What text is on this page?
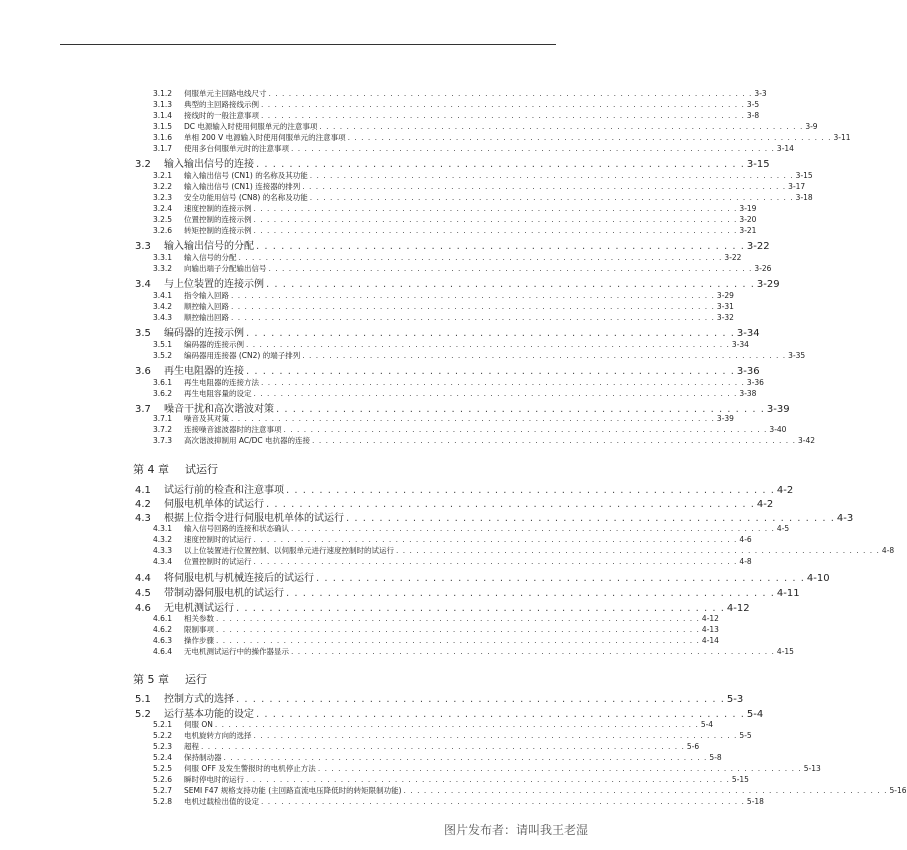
3.1.2	伺服单元主回路电线尺寸 . . . . . . . . . . . . . . . . . . . . . . . . . . . . . . . . . . . . . . . . . . . . . . . . . . . . . . . . . . . . . . . . . . . . . . . . 3-3
3.1.3	典型的主回路接线示例 . . . . . . . . . . . . . . . . . . . . . . . . . . . . . . . . . . . . . . . . . . . . . . . . . . . . . . . . . . . . . . . . . . . . . . . . 3-5
3.1.4	接线时的一般注意事项 . . . . . . . . . . . . . . . . . . . . . . . . . . . . . . . . . . . . . . . . . . . . . . . . . . . . . . . . . . . . . . . . . . . . . . . . 3-8
3.1.5	DC 电源输入时使用伺服单元的注意事项 . . . . . . . . . . . . . . . . . . . . . . . . . . . . . . . . . . . . . . . . . . . . . . . . . . . . . . . . . . . . . . . . . . . . . . . . 3-9
3.1.6	单相 200 V 电源输入时使用伺服单元的注意事项 . . . . . . . . . . . . . . . . . . . . . . . . . . . . . . . . . . . . . . . . . . . . . . . . . . . . . . . . . . . . . . . . . . . . . . . . 3-11
3.1.7	使用多台伺服单元时的注意事项 . . . . . . . . . . . . . . . . . . . . . . . . . . . . . . . . . . . . . . . . . . . . . . . . . . . . . . . . . . . . . . . . . . . . . . . . 3-14
3.2	输入输出信号的连接 . . . . . . . . . . . . . . . . . . . . . . . . . . . . . . . . . . . . . . . . . . . . . . . . . . . . . . . . . . . 3-15
3.2.1	输入输出信号 (CN1) 的名称及其功能 . . . . . . . . . . . . . . . . . . . . . . . . . . . . . . . . . . . . . . . . . . . . . . . . . . . . . . . . . . . . . . . . . . . . . . . . 3-15
3.2.2	输入输出信号 (CN1) 连接器的排列 . . . . . . . . . . . . . . . . . . . . . . . . . . . . . . . . . . . . . . . . . . . . . . . . . . . . . . . . . . . . . . . . . . . . . . . . 3-17
3.2.3	安全功能用信号 (CN8) 的名称及功能 . . . . . . . . . . . . . . . . . . . . . . . . . . . . . . . . . . . . . . . . . . . . . . . . . . . . . . . . . . . . . . . . . . . . . . . . 3-18
3.2.4	速度控制的连接示例 . . . . . . . . . . . . . . . . . . . . . . . . . . . . . . . . . . . . . . . . . . . . . . . . . . . . . . . . . . . . . . . . . . . . . . . . 3-19
3.2.5	位置控制的连接示例 . . . . . . . . . . . . . . . . . . . . . . . . . . . . . . . . . . . . . . . . . . . . . . . . . . . . . . . . . . . . . . . . . . . . . . . . 3-20
3.2.6	转矩控制的连接示例 . . . . . . . . . . . . . . . . . . . . . . . . . . . . . . . . . . . . . . . . . . . . . . . . . . . . . . . . . . . . . . . . . . . . . . . . 3-21
3.3	输入输出信号的分配 . . . . . . . . . . . . . . . . . . . . . . . . . . . . . . . . . . . . . . . . . . . . . . . . . . . . . . . . . . . 3-22
3.3.1	输入信号的分配 . . . . . . . . . . . . . . . . . . . . . . . . . . . . . . . . . . . . . . . . . . . . . . . . . . . . . . . . . . . . . . . . . . . . . . . . 3-22
3.3.2	向输出端子分配输出信号 . . . . . . . . . . . . . . . . . . . . . . . . . . . . . . . . . . . . . . . . . . . . . . . . . . . . . . . . . . . . . . . . . . . . . . . . 3-26
3.4	与上位装置的连接示例 . . . . . . . . . . . . . . . . . . . . . . . . . . . . . . . . . . . . . . . . . . . . . . . . . . . . . . . . . . . 3-29
3.4.1	指令输入回路 . . . . . . . . . . . . . . . . . . . . . . . . . . . . . . . . . . . . . . . . . . . . . . . . . . . . . . . . . . . . . . . . . . . . . . . . 3-29
3.4.2	顺控输入回路 . . . . . . . . . . . . . . . . . . . . . . . . . . . . . . . . . . . . . . . . . . . . . . . . . . . . . . . . . . . . . . . . . . . . . . . . 3-31
3.4.3	顺控输出回路 . . . . . . . . . . . . . . . . . . . . . . . . . . . . . . . . . . . . . . . . . . . . . . . . . . . . . . . . . . . . . . . . . . . . . . . . 3-32
3.5	编码器的连接示例 . . . . . . . . . . . . . . . . . . . . . . . . . . . . . . . . . . . . . . . . . . . . . . . . . . . . . . . . . . . 3-34
3.5.1	编码器的连接示例 . . . . . . . . . . . . . . . . . . . . . . . . . . . . . . . . . . . . . . . . . . . . . . . . . . . . . . . . . . . . . . . . . . . . . . . . 3-34
3.5.2	编码器用连接器 (CN2) 的端子排列 . . . . . . . . . . . . . . . . . . . . . . . . . . . . . . . . . . . . . . . . . . . . . . . . . . . . . . . . . . . . . . . . . . . . . . . . 3-35
3.6	再生电阻器的连接 . . . . . . . . . . . . . . . . . . . . . . . . . . . . . . . . . . . . . . . . . . . . . . . . . . . . . . . . . . . 3-36
3.6.1	再生电阻器的连接方法 . . . . . . . . . . . . . . . . . . . . . . . . . . . . . . . . . . . . . . . . . . . . . . . . . . . . . . . . . . . . . . . . . . . . . . . . 3-36
3.6.2	再生电阻容量的设定 . . . . . . . . . . . . . . . . . . . . . . . . . . . . . . . . . . . . . . . . . . . . . . . . . . . . . . . . . . . . . . . . . . . . . . . . 3-38
3.7	噪音干扰和高次谐波对策 . . . . . . . . . . . . . . . . . . . . . . . . . . . . . . . . . . . . . . . . . . . . . . . . . . . . . . . . . . . 3-39
3.7.1	噪音及其对策 . . . . . . . . . . . . . . . . . . . . . . . . . . . . . . . . . . . . . . . . . . . . . . . . . . . . . . . . . . . . . . . . . . . . . . . . 3-39
3.7.2	连接噪音滤波器时的注意事项 . . . . . . . . . . . . . . . . . . . . . . . . . . . . . . . . . . . . . . . . . . . . . . . . . . . . . . . . . . . . . . . . . . . . . . . . 3-40
3.7.3	高次谐波抑制用 AC/DC 电抗器的连接 . . . . . . . . . . . . . . . . . . . . . . . . . . . . . . . . . . . . . . . . . . . . . . . . . . . . . . . . . . . . . . . . . . . . . . . . 3-42
第 4 章 试运行
4.1	试运行前的检查和注意事项 . . . . . . . . . . . . . . . . . . . . . . . . . . . . . . . . . . . . . . . . . . . . . . . . . . . . . . . . . . . 4-2
4.2	伺服电机单体的试运行 . . . . . . . . . . . . . . . . . . . . . . . . . . . . . . . . . . . . . . . . . . . . . . . . . . . . . . . . . . . 4-2
4.3	根据上位指令进行伺服电机单体的试运行 . . . . . . . . . . . . . . . . . . . . . . . . . . . . . . . . . . . . . . . . . . . . . . . . . . . . . . . . . . . 4-3
4.3.1	输入信号回路的连接和状态确认 . . . . . . . . . . . . . . . . . . . . . . . . . . . . . . . . . . . . . . . . . . . . . . . . . . . . . . . . . . . . . . . . . . . . . . . . 4-5
4.3.2	速度控制时的试运行 . . . . . . . . . . . . . . . . . . . . . . . . . . . . . . . . . . . . . . . . . . . . . . . . . . . . . . . . . . . . . . . . . . . . . . . . 4-6
4.3.3	以上位装置进行位置控制、以伺服单元进行速度控制时的试运行 . . . . . . . . . . . . . . . . . . . . . . . . . . . . . . . . . . . . . . . . . . . . . . . . . . . . . . . . . . . . . . . . . . . . . . . . 4-8
4.3.4	位置控制时的试运行 . . . . . . . . . . . . . . . . . . . . . . . . . . . . . . . . . . . . . . . . . . . . . . . . . . . . . . . . . . . . . . . . . . . . . . . . 4-8
4.4	将伺服电机与机械连接后的试运行 . . . . . . . . . . . . . . . . . . . . . . . . . . . . . . . . . . . . . . . . . . . . . . . . . . . . . . . . . . . 4-10
4.5	带制动器伺服电机的试运行 . . . . . . . . . . . . . . . . . . . . . . . . . . . . . . . . . . . . . . . . . . . . . . . . . . . . . . . . . . . 4-11
4.6	无电机测试运行 . . . . . . . . . . . . . . . . . . . . . . . . . . . . . . . . . . . . . . . . . . . . . . . . . . . . . . . . . . . 4-12
4.6.1	相关参数 . . . . . . . . . . . . . . . . . . . . . . . . . . . . . . . . . . . . . . . . . . . . . . . . . . . . . . . . . . . . . . . . . . . . . . . . 4-12
4.6.2	限制事项 . . . . . . . . . . . . . . . . . . . . . . . . . . . . . . . . . . . . . . . . . . . . . . . . . . . . . . . . . . . . . . . . . . . . . . . . 4-13
4.6.3	操作步骤 . . . . . . . . . . . . . . . . . . . . . . . . . . . . . . . . . . . . . . . . . . . . . . . . . . . . . . . . . . . . . . . . . . . . . . . . 4-14
4.6.4	无电机测试运行中的操作器显示 . . . . . . . . . . . . . . . . . . . . . . . . . . . . . . . . . . . . . . . . . . . . . . . . . . . . . . . . . . . . . . . . . . . . . . . . 4-15
第 5 章 运行
5.1	控制方式的选择 . . . . . . . . . . . . . . . . . . . . . . . . . . . . . . . . . . . . . . . . . . . . . . . . . . . . . . . . . . . 5-3
5.2	运行基本功能的设定 . . . . . . . . . . . . . . . . . . . . . . . . . . . . . . . . . . . . . . . . . . . . . . . . . . . . . . . . . . . 5-4
5.2.1	伺服 ON . . . . . . . . . . . . . . . . . . . . . . . . . . . . . . . . . . . . . . . . . . . . . . . . . . . . . . . . . . . . . . . . . . . . . . . . 5-4
5.2.2	电机旋转方向的选择 . . . . . . . . . . . . . . . . . . . . . . . . . . . . . . . . . . . . . . . . . . . . . . . . . . . . . . . . . . . . . . . . . . . . . . . . 5-5
5.2.3	超程 . . . . . . . . . . . . . . . . . . . . . . . . . . . . . . . . . . . . . . . . . . . . . . . . . . . . . . . . . . . . . . . . . . . . . . . . 5-6
5.2.4	保持制动器 . . . . . . . . . . . . . . . . . . . . . . . . . . . . . . . . . . . . . . . . . . . . . . . . . . . . . . . . . . . . . . . . . . . . . . . . 5-8
5.2.5	伺服 OFF 及发生警报时的电机停止方法 . . . . . . . . . . . . . . . . . . . . . . . . . . . . . . . . . . . . . . . . . . . . . . . . . . . . . . . . . . . . . . . . . . . . . . . . 5-13
5.2.6	瞬时停电时的运行 . . . . . . . . . . . . . . . . . . . . . . . . . . . . . . . . . . . . . . . . . . . . . . . . . . . . . . . . . . . . . . . . . . . . . . . . 5-15
5.2.7	SEMI F47 规格支持功能 (主回路直流电压降低时的转矩限制功能) . . . . . . . . . . . . . . . . . . . . . . . . . . . . . . . . . . . . . . . . . . . . . . . . . . . . . . . . . . . . . . . . . . . . . . . . 5-16
5.2.8	电机过载检出值的设定 . . . . . . . . . . . . . . . . . . . . . . . . . . . . . . . . . . . . . . . . . . . . . . . . . . . . . . . . . . . . . . . . . . . . . . . . 5-18
图片发布者：请叫我王老湿
